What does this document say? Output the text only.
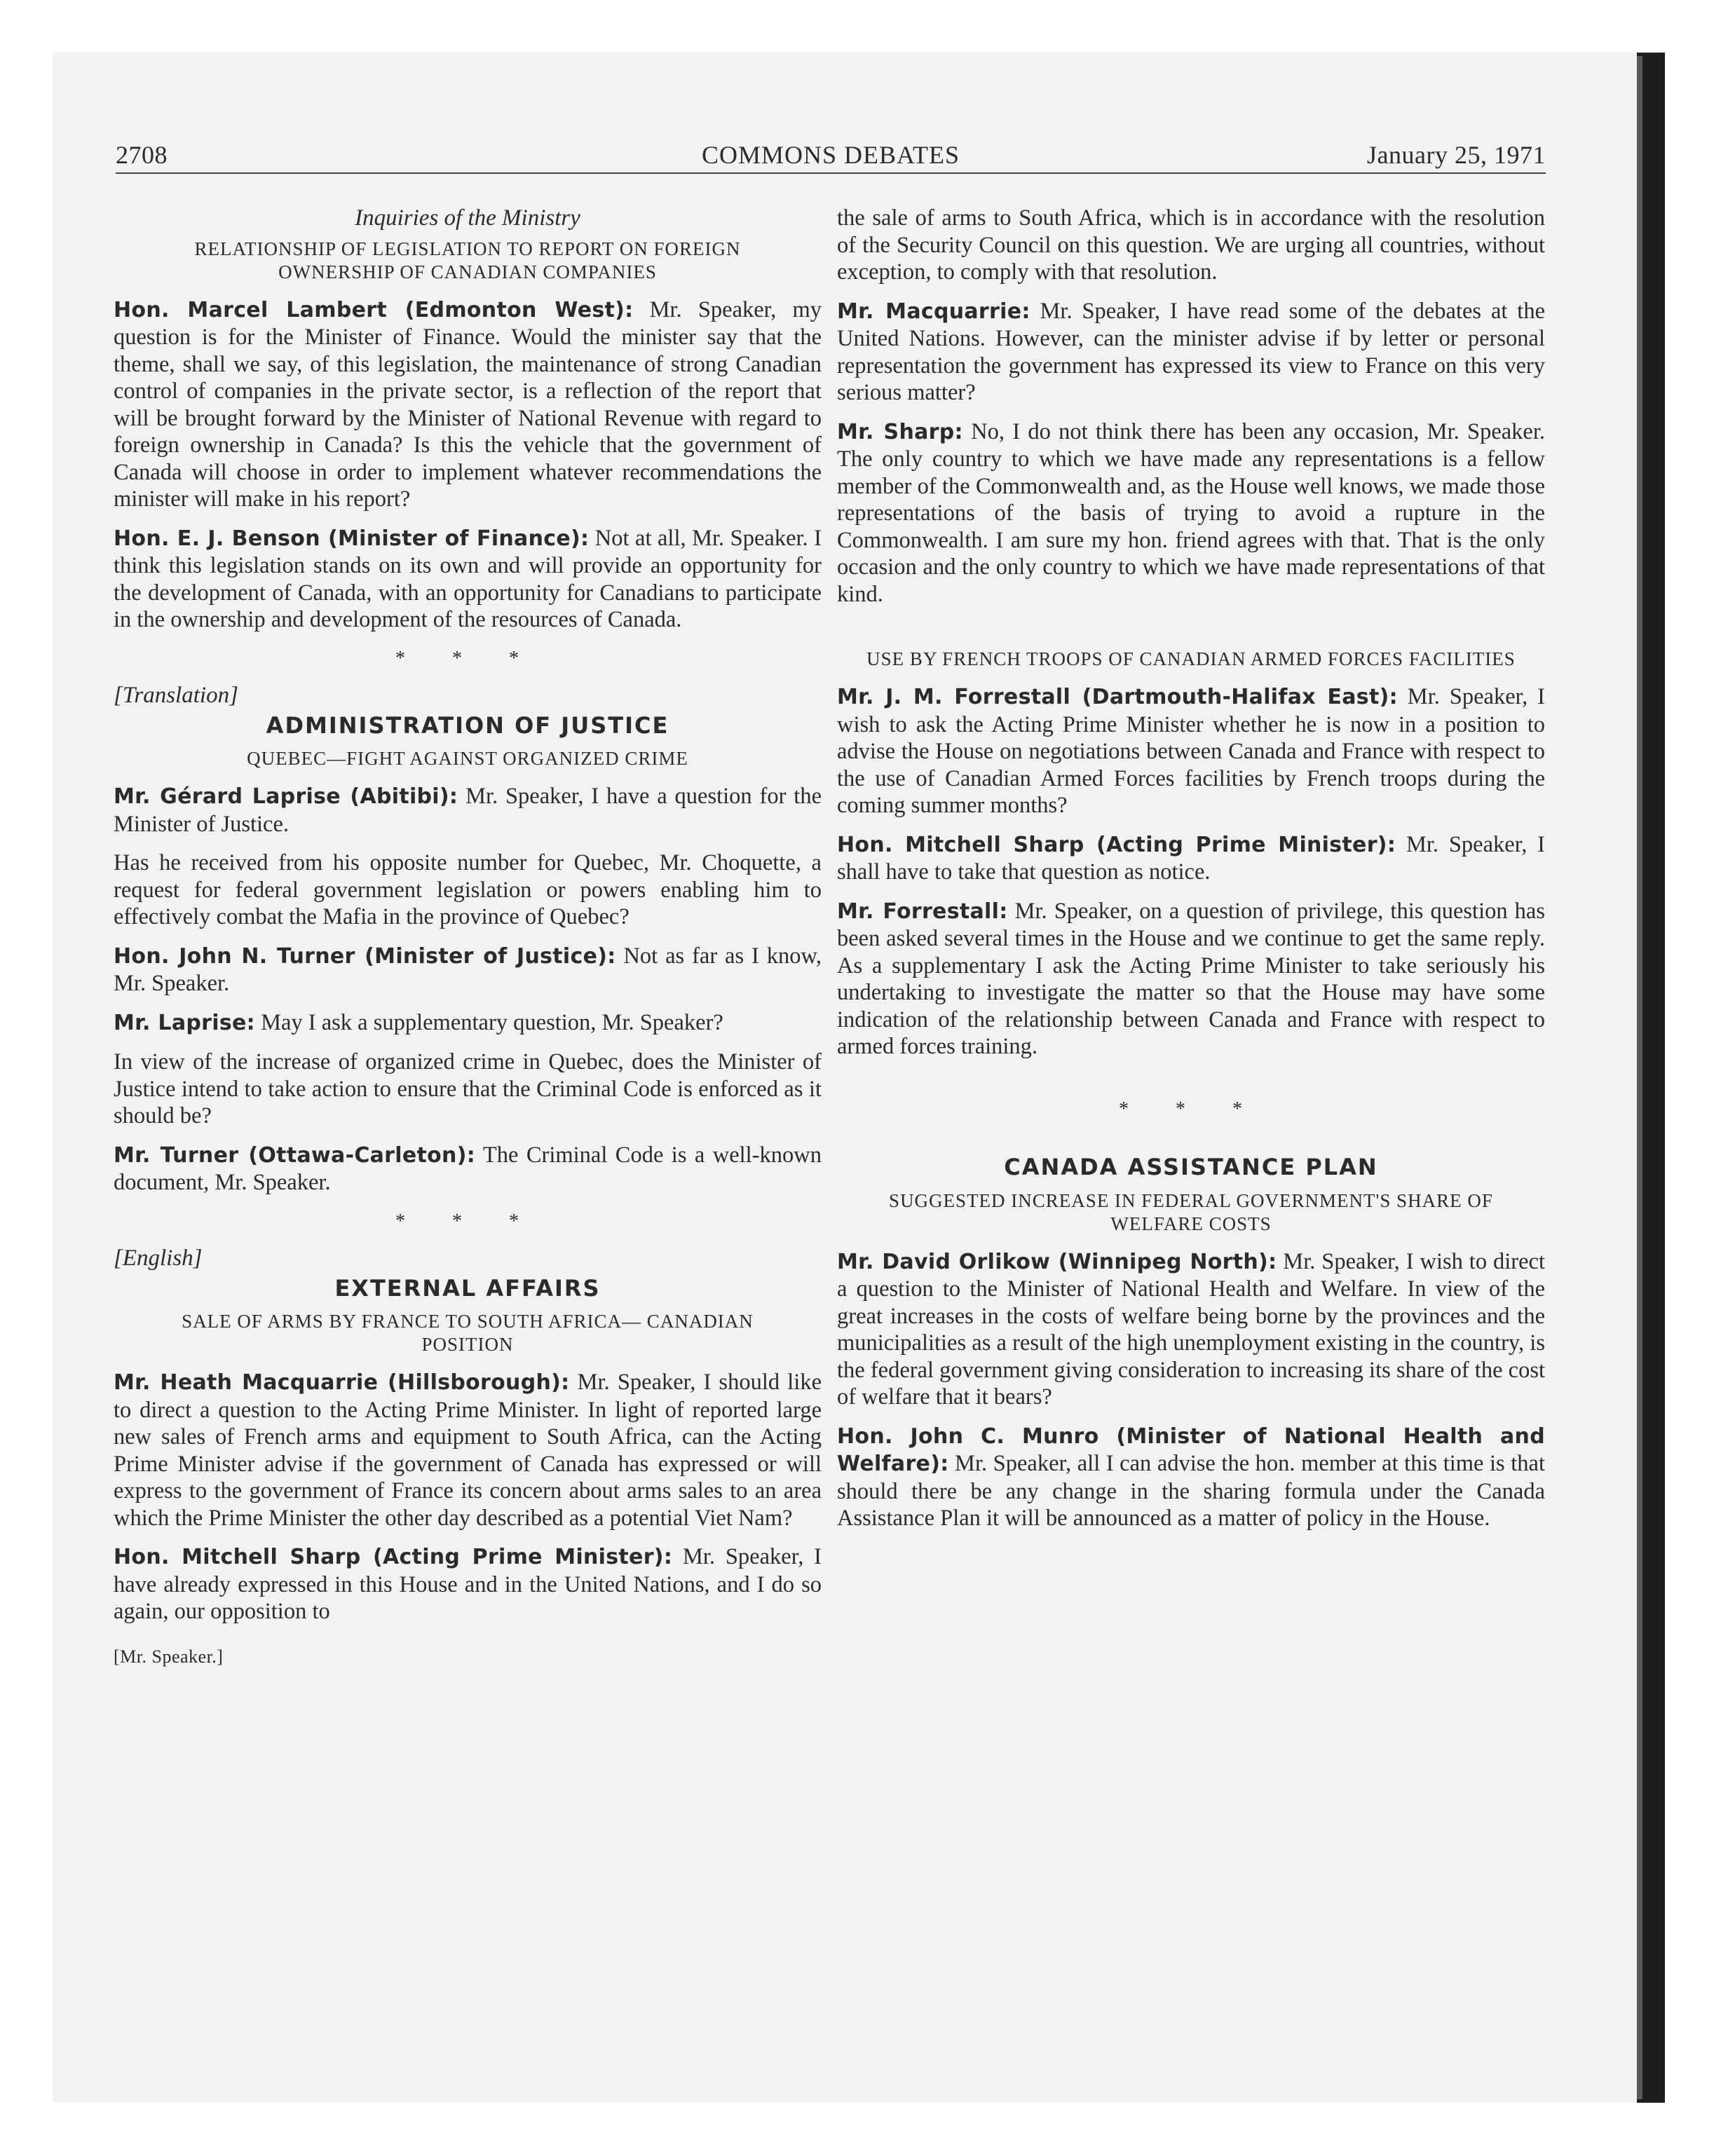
2708	COMMONS DEBATES	January 25, 1971
Inquiries of the Ministry
RELATIONSHIP OF LEGISLATION TO REPORT ON FOREIGN OWNERSHIP OF CANADIAN COMPANIES

Hon. Marcel Lambert (Edmonton West): Mr. Speaker, my question is for the Minister of Finance. Would the minister say that the theme, shall we say, of this legislation, the maintenance of strong Canadian control of companies in the private sector, is a reflection of the report that will be brought forward by the Minister of National Revenue with regard to foreign ownership in Canada? Is this the vehicle that the government of Canada will choose in order to implement whatever recommendations the minister will make in his report?

Hon. E. J. Benson (Minister of Finance): Not at all, Mr. Speaker. I think this legislation stands on its own and will provide an opportunity for the development of Canada, with an opportunity for Canadians to participate in the ownership and development of the resources of Canada.

* * *
[Translation]
ADMINISTRATION OF JUSTICE
QUEBEC—FIGHT AGAINST ORGANIZED CRIME

Mr. Gérard Laprise (Abitibi): Mr. Speaker, I have a question for the Minister of Justice.

Has he received from his opposite number for Quebec, Mr. Choquette, a request for federal government legislation or powers enabling him to effectively combat the Mafia in the province of Quebec?

Hon. John N. Turner (Minister of Justice): Not as far as I know, Mr. Speaker.

Mr. Laprise: May I ask a supplementary question, Mr. Speaker?

In view of the increase of organized crime in Quebec, does the Minister of Justice intend to take action to ensure that the Criminal Code is enforced as it should be?

Mr. Turner (Ottawa-Carleton): The Criminal Code is a well-known document, Mr. Speaker.

* * *
[English]
EXTERNAL AFFAIRS
SALE OF ARMS BY FRANCE TO SOUTH AFRICA— CANADIAN POSITION

Mr. Heath Macquarrie (Hillsborough): Mr. Speaker, I should like to direct a question to the Acting Prime Minister. In light of reported large new sales of French arms and equipment to South Africa, can the Acting Prime Minister advise if the government of Canada has expressed or will express to the government of France its concern about arms sales to an area which the Prime Minister the other day described as a potential Viet Nam?

Hon. Mitchell Sharp (Acting Prime Minister): Mr. Speaker, I have already expressed in this House and in the United Nations, and I do so again, our opposition to

[Mr. Speaker.]

the sale of arms to South Africa, which is in accordance with the resolution of the Security Council on this question. We are urging all countries, without exception, to comply with that resolution.

Mr. Macquarrie: Mr. Speaker, I have read some of the debates at the United Nations. However, can the minister advise if by letter or personal representation the government has expressed its view to France on this very serious matter?

Mr. Sharp: No, I do not think there has been any occasion, Mr. Speaker. The only country to which we have made any representations is a fellow member of the Commonwealth and, as the House well knows, we made those representations of the basis of trying to avoid a rupture in the Commonwealth. I am sure my hon. friend agrees with that. That is the only occasion and the only country to which we have made representations of that kind.

USE BY FRENCH TROOPS OF CANADIAN ARMED FORCES FACILITIES

Mr. J. M. Forrestall (Dartmouth-Halifax East): Mr. Speaker, I wish to ask the Acting Prime Minister whether he is now in a position to advise the House on negotiations between Canada and France with respect to the use of Canadian Armed Forces facilities by French troops during the coming summer months?

Hon. Mitchell Sharp (Acting Prime Minister): Mr. Speaker, I shall have to take that question as notice.

Mr. Forrestall: Mr. Speaker, on a question of privilege, this question has been asked several times in the House and we continue to get the same reply. As a supplementary I ask the Acting Prime Minister to take seriously his undertaking to investigate the matter so that the House may have some indication of the relationship between Canada and France with respect to armed forces training.

* * *
CANADA ASSISTANCE PLAN
SUGGESTED INCREASE IN FEDERAL GOVERNMENT'S SHARE OF WELFARE COSTS

Mr. David Orlikow (Winnipeg North): Mr. Speaker, I wish to direct a question to the Minister of National Health and Welfare. In view of the great increases in the costs of welfare being borne by the provinces and the municipalities as a result of the high unemployment existing in the country, is the federal government giving consideration to increasing its share of the cost of welfare that it bears?

Hon. John C. Munro (Minister of National Health and Welfare): Mr. Speaker, all I can advise the hon. member at this time is that should there be any change in the sharing formula under the Canada Assistance Plan it will be announced as a matter of policy in the House.
